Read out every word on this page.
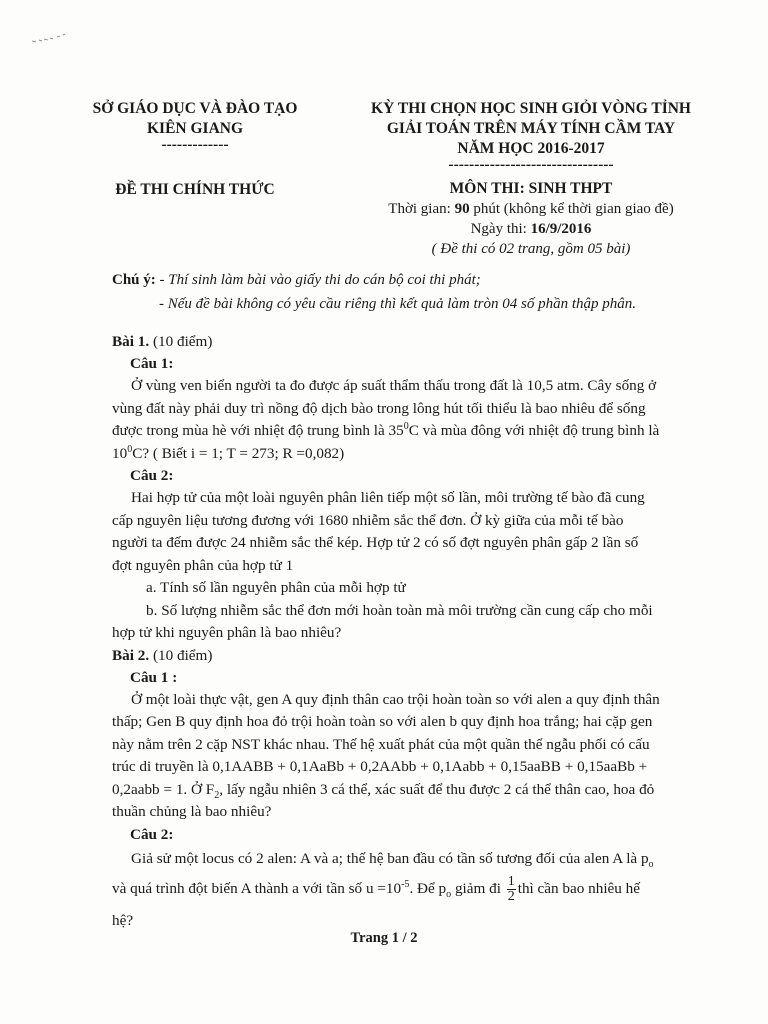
SỞ GIÁO DỤC VÀ ĐÀO TẠO
KIÊN GIANG
-------------
KỲ THI CHỌN HỌC SINH GIỎI VÒNG TỈNH
GIẢI TOÁN TRÊN MÁY TÍNH CẦM TAY
NĂM HỌC 2016-2017
--------------------------------
ĐỀ THI CHÍNH THỨC	MÔN THI: SINH THPT
Thời gian: 90 phút (không kể thời gian giao đề)
Ngày thi: 16/9/2016
( Đề thi có 02 trang, gồm 05 bài)
Chú ý: - Thí sinh làm bài vào giấy thi do cán bộ coi thi phát;
- Nếu đề bài không có yêu cầu riêng thì kết quả làm tròn 04 số phần thập phân.
Bài 1. (10 điểm)
Câu 1:
Ở vùng ven biển người ta đo được áp suất thẩm thấu trong đất là 10,5 atm. Cây sống ở
vùng đất này phải duy trì nồng độ dịch bào trong lông hút tối thiểu là bao nhiêu để sống
được trong mùa hè với nhiệt độ trung bình là $35^0C$ và mùa đông với nhiệt độ trung bình là
$10^0C$? ( Biết i = 1; T = 273; R =0,082)
Câu 2:
Hai hợp tử của một loài nguyên phân liên tiếp một số lần, môi trường tế bào đã cung
cấp nguyên liệu tương đương với 1680 nhiễm sắc thể đơn. Ở kỳ giữa của mỗi tế bào
người ta đếm được 24 nhiễm sắc thể kép. Hợp tử 2 có số đợt nguyên phân gấp 2 lần số
đợt nguyên phân của hợp tử 1
a. Tính số lần nguyên phân của mỗi hợp tử
b. Số lượng nhiễm sắc thể đơn mới hoàn toàn mà môi trường cần cung cấp cho mỗi
hợp tử khi nguyên phân là bao nhiêu?
Bài 2. (10 điểm)
Câu 1 :
Ở một loài thực vật, gen A quy định thân cao trội hoàn toàn so với alen a quy định thân
thấp; Gen B quy định hoa đỏ trội hoàn toàn so với alen b quy định hoa trắng; hai cặp gen
này nằm trên 2 cặp NST khác nhau. Thế hệ xuất phát của một quần thể ngẫu phối có cấu
trúc di truyền là 0,1AABB + 0,1AaBb + 0,2AAbb + 0,1Aabb + 0,15aaBB + 0,15aaBb +
0,2aabb = 1. Ở $F_2$, lấy ngẫu nhiên 3 cá thể, xác suất để thu được 2 cá thể thân cao, hoa đỏ
thuần chủng là bao nhiêu?
Câu 2:
Giả sử một locus có 2 alen: A và a; thế hệ ban đầu có tần số tương đối của alen A là $p_o$
và quá trình đột biến A thành a với tần số $u =10^{-5}$. Để $p_o$ giảm đi $\frac{1}{2}$ thì cần bao nhiêu hế
hệ?
Trang 1 / 2
